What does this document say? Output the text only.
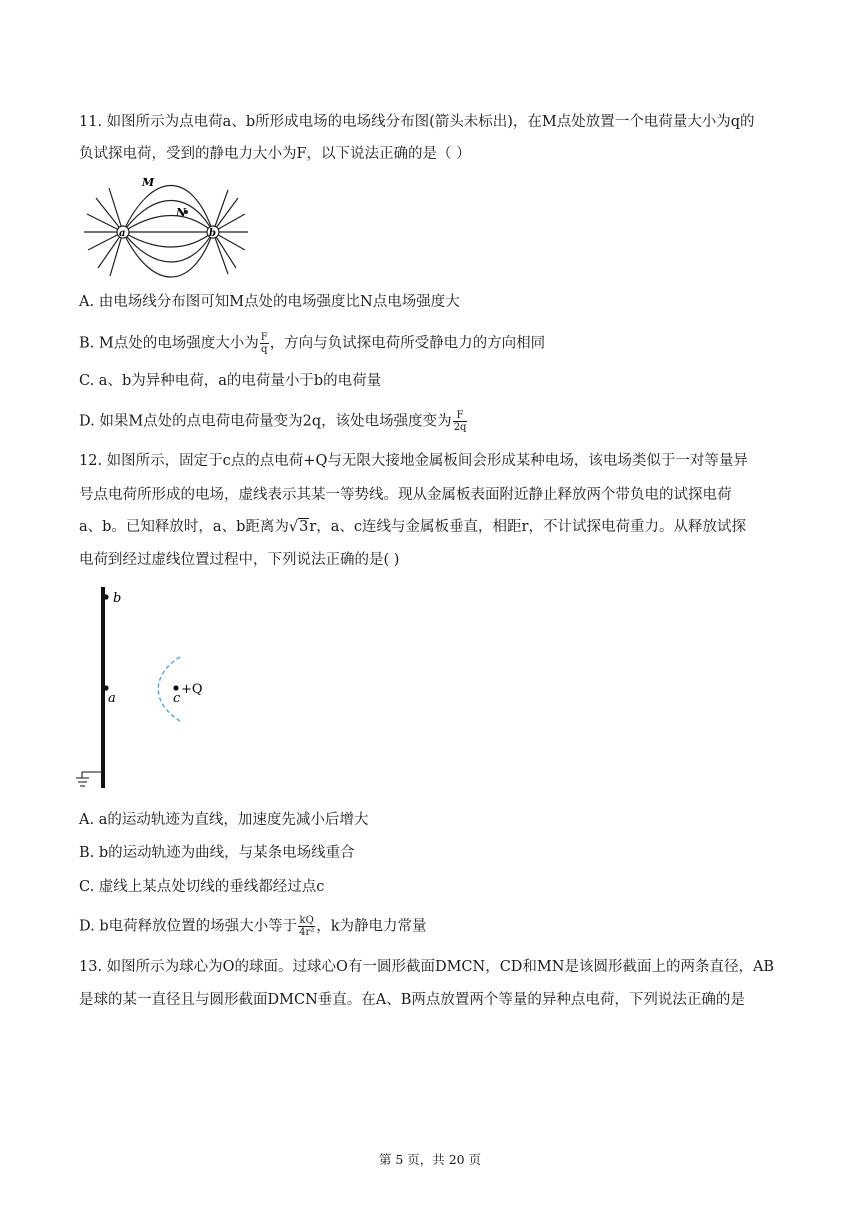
11. 如图所示为点电荷a、b所形成电场的电场线分布图(箭头未标出)，在M点处放置一个电荷量大小为q的
负试探电荷，受到的静电力大小为F，以下说法正确的是（ ）
a	b
M
N
A. 由电场线分布图可知M点处的电场强度比N点电场强度大
B. M点处的电场强度大小为 $\frac{F}{q}$ ，方向与负试探电荷所受静电力的方向相同
C. a、b为异种电荷，a的电荷量小于b的电荷量
D. 如果M点处的点电荷电荷量变为2q，该处电场强度变为 $\frac{F}{2q}$
12. 如图所示，固定于c点的点电荷+Q与无限大接地金属板间会形成某种电场，该电场类似于一对等量异
号点电荷所形成的电场，虚线表示其某一等势线。现从金属板表面附近静止释放两个带负电的试探电荷
a、b。已知释放时，a、b距离为√3r，a、c连线与金属板垂直，相距r，不计试探电荷重力。从释放试探
电荷到经过虚线位置过程中，下列说法正确的是( )
b
a	c
+Q
A. a的运动轨迹为直线，加速度先减小后增大
B. b的运动轨迹为曲线，与某条电场线重合
C. 虚线上某点处切线的垂线都经过点c
D. b电荷释放位置的场强大小等于 $\frac{kQ}{\text{4r²}}$ ，k为静电力常量
13. 如图所示为球心为O的球面。过球心O有一圆形截面DMCN，CD和MN是该圆形截面上的两条直径，AB
是球的某一直径且与圆形截面DMCN垂直。在A、B两点放置两个等量的异种点电荷，下列说法正确的是
第 5 页，共 20 页
